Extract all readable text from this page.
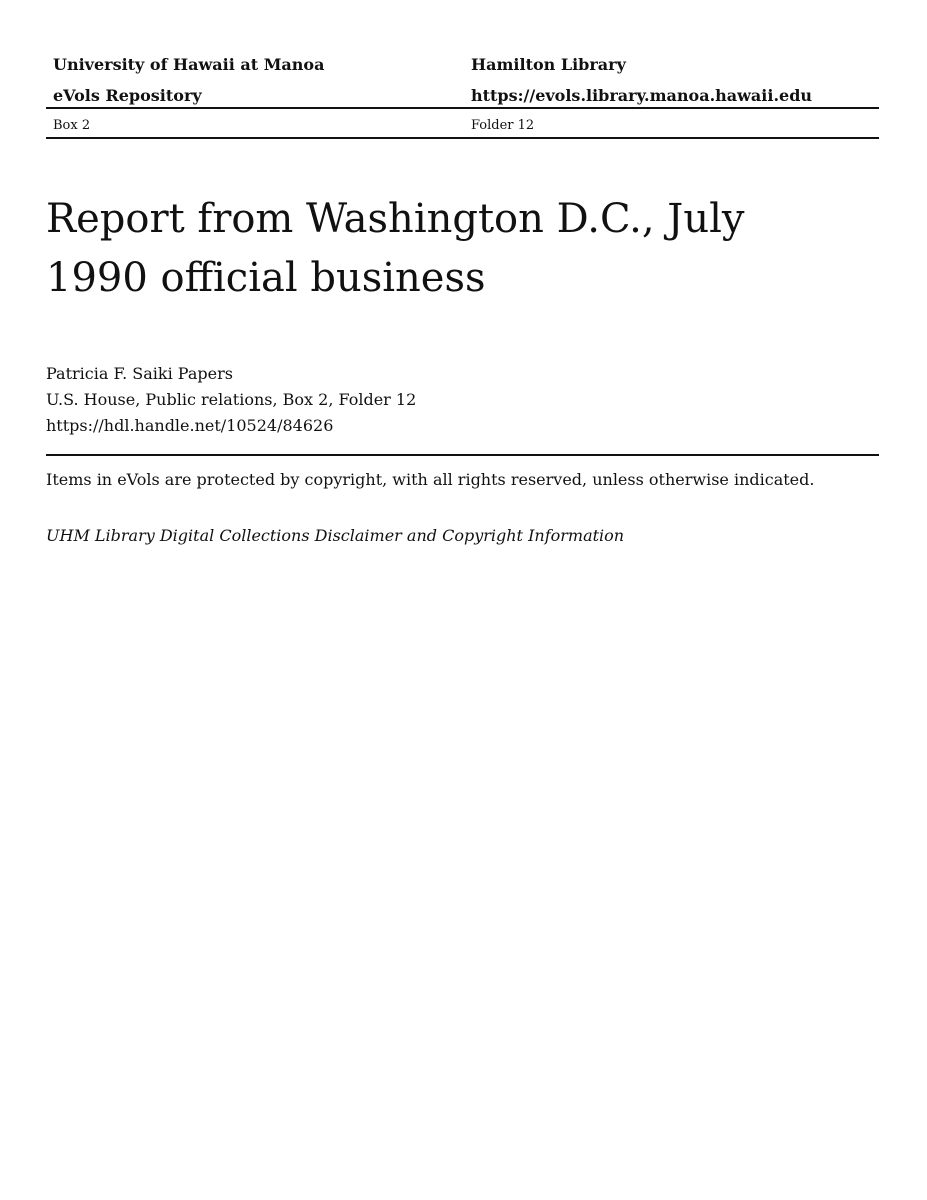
University of Hawaii at Manoa	Hamilton Library
eVols Repository	https://evols.library.manoa.hawaii.edu
Box 2	Folder 12
Report from Washington D.C., July
1990 official business
Patricia F. Saiki Papers
U.S. House, Public relations, Box 2, Folder 12
https://hdl.handle.net/10524/84626
Items in eVols are protected by copyright, with all rights reserved, unless otherwise indicated.
UHM Library Digital Collections Disclaimer and Copyright Information
